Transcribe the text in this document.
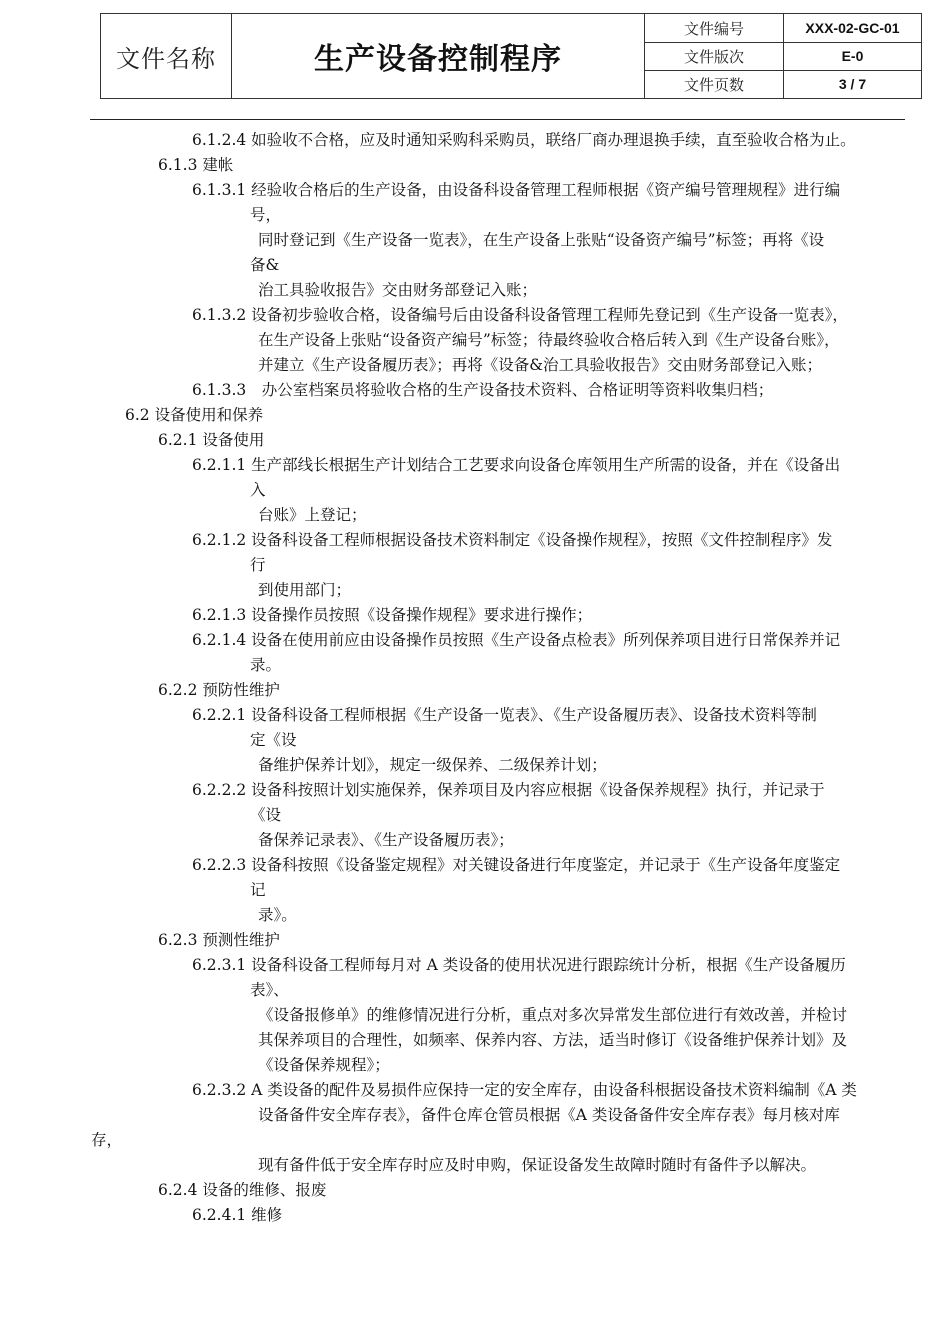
文件名称	生产设备控制程序
文件编号	XXX-02-GC-01
文件版次	E-0
文件页数	3 / 7
6.1.2.4 如验收不合格，应及时通知采购科采购员，联络厂商办理退换手续，直至验收合格为止。
6.1.3 建帐
6.1.3.1 经验收合格后的生产设备，由设备科设备管理工程师根据《资产编号管理规程》进行编
号，
同时登记到《生产设备一览表》，在生产设备上张贴“设备资产编号”标签；再将《设
备&
治工具验收报告》交由财务部登记入账；
6.1.3.2 设备初步验收合格，设备编号后由设备科设备管理工程师先登记到《生产设备一览表》，
在生产设备上张贴“设备资产编号”标签；待最终验收合格后转入到《生产设备台账》，
并建立《生产设备履历表》；再将《设备&治工具验收报告》交由财务部登记入账；
6.1.3.3　办公室档案员将验收合格的生产设备技术资料、合格证明等资料收集归档；
6.2 设备使用和保养
6.2.1 设备使用
6.2.1.1 生产部线长根据生产计划结合工艺要求向设备仓库领用生产所需的设备，并在《设备出
入
台账》上登记；
6.2.1.2 设备科设备工程师根据设备技术资料制定《设备操作规程》，按照《文件控制程序》发
行
到使用部门；
6.2.1.3 设备操作员按照《设备操作规程》要求进行操作；
6.2.1.4 设备在使用前应由设备操作员按照《生产设备点检表》所列保养项目进行日常保养并记
录。
6.2.2 预防性维护
6.2.2.1 设备科设备工程师根据《生产设备一览表》、《生产设备履历表》、设备技术资料等制
定《设
备维护保养计划》，规定一级保养、二级保养计划；
6.2.2.2 设备科按照计划实施保养，保养项目及内容应根据《设备保养规程》执行，并记录于
《设
备保养记录表》、《生产设备履历表》；
6.2.2.3 设备科按照《设备鉴定规程》对关键设备进行年度鉴定，并记录于《生产设备年度鉴定
记
录》。
6.2.3 预测性维护
6.2.3.1 设备科设备工程师每月对 A 类设备的使用状况进行跟踪统计分析，根据《生产设备履历
表》、
《设备报修单》的维修情况进行分析，重点对多次异常发生部位进行有效改善，并检讨
其保养项目的合理性，如频率、保养内容、方法，适当时修订《设备维护保养计划》及
《设备保养规程》；
6.2.3.2 A 类设备的配件及易损件应保持一定的安全库存，由设备科根据设备技术资料编制《A 类
设备备件安全库存表》，备件仓库仓管员根据《A 类设备备件安全库存表》每月核对库
存，
现有备件低于安全库存时应及时申购，保证设备发生故障时随时有备件予以解决。
6.2.4 设备的维修、报废
6.2.4.1 维修
